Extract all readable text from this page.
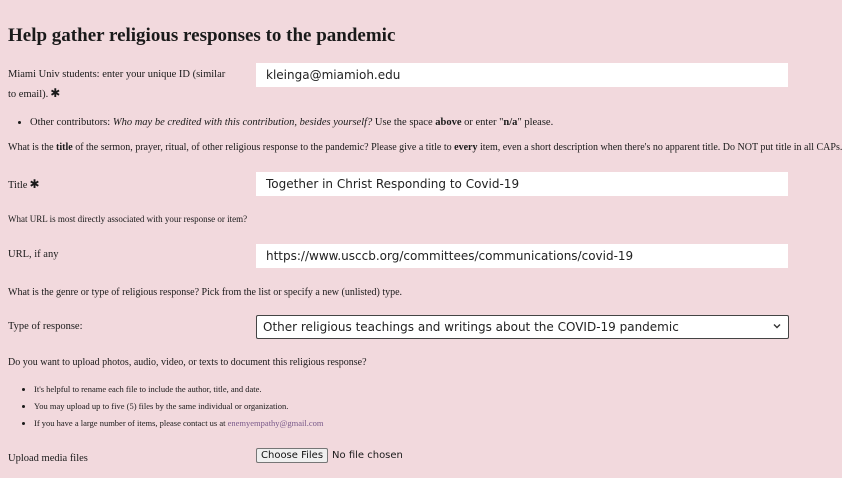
Help gather religious responses to the pandemic
Miami Univ students: enter your unique ID (similar to email). ✱
kleinga@miamioh.edu
• Other contributors: Who may be credited with this contribution, besides yourself? Use the space above or enter "n/a" please.
What is the title of the sermon, prayer, ritual, of other religious response to the pandemic? Please give a title to every item, even a short description when there's no apparent title. Do NOT put title in all CAPs.
Title ✱	Together in Christ Responding to Covid-19
What URL is most directly associated with your response or item?
URL, if any	https://www.usccb.org/committees/communications/covid-19
What is the genre or type of religious response? Pick from the list or specify a new (unlisted) type.
Type of response:	Other religious teachings and writings about the COVID-19 pandemic
Do you want to upload photos, audio, video, or texts to document this religious response?
• It's helpful to rename each file to include the author, title, and date.
• You may upload up to five (5) files by the same individual or organization.
• If you have a large number of items, please contact us at enemyempathy@gmail.com
Upload media files	Choose Files No file chosen
